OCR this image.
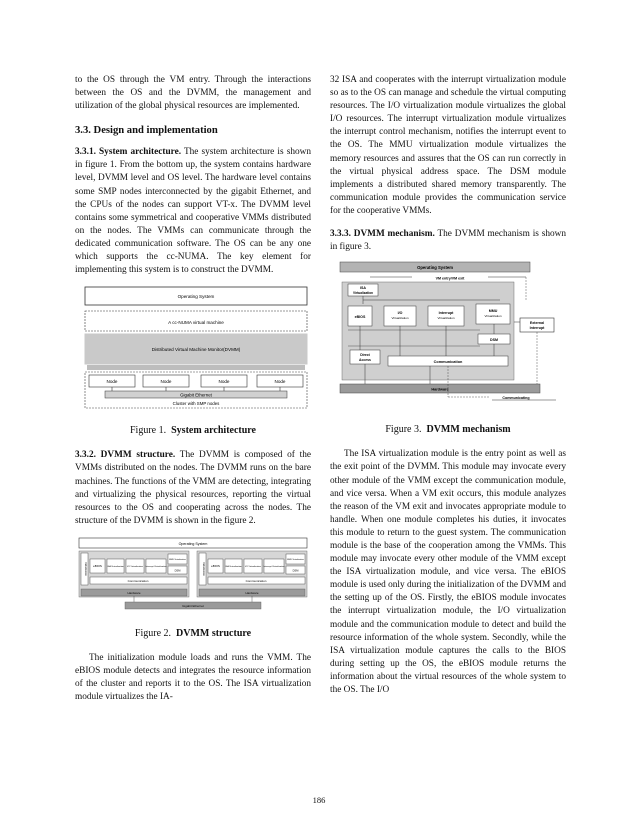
to the OS through the VM entry. Through the interactions between the OS and the DVMM, the management and utilization of the global physical resources are implemented.

3.3. Design and implementation

3.3.1. System architecture. The system architecture is shown in figure 1. From the bottom up, the system contains hardware level, DVMM level and OS level. The hardware level contains some SMP nodes interconnected by the gigabit Ethernet, and the CPUs of the nodes can support VT-x. The DVMM level contains some symmetrical and cooperative VMMs distributed on the nodes. The VMMs can communicate through the dedicated communication software. The OS can be any one which supports the cc-NUMA. The key element for implementing this system is to construct the DVMM.

Operating System
A cc-NUMA virtual machine
Distributed Virtual Machine Monitor(DVMM)
Node	Node	Node	Node
Gigabit Ethernet
Cluster with SMP nodes

Figure 1. System architecture

3.3.2. DVMM structure. The DVMM is composed of the VMMs distributed on the nodes. The DVMM runs on the bare machines. The functions of the VMM are detecting, integrating and virtualizing the physical resources, reporting the virtual resources to the OS and cooperating across the nodes. The structure of the DVMM is shown in the figure 2.

Operating System
Initialization	eBIOS ISA Virtualization	I/O Virtualization	Interrupt Virtualization
MMU Virtualization
DSM
Communication
Hardware
Initialization	eBIOS ISA Virtualization	I/O Virtualization	Interrupt Virtualization
MMU Virtualization
DSM
Communication
Hardware
Gigabit Ethernet

Figure 2. DVMM structure

The initialization module loads and runs the VMM. The eBIOS module detects and integrates the resource information of the cluster and reports it to the OS. The ISA virtualization module virtualizes the IA-

32 ISA and cooperates with the interrupt virtualization module so as to the OS can manage and schedule the virtual computing resources. The I/O virtualization module virtualizes the global I/O resources. The interrupt virtualization module virtualizes the interrupt control mechanism, notifies the interrupt event to the OS. The MMU virtualization module virtualizes the memory resources and assures that the OS can run correctly in the virtual physical address space. The DSM module implements a distributed shared memory transparently. The communication module provides the communication service for the cooperative VMMs.

3.3.3. DVMM mechanism. The DVMM mechanism is shown in figure 3.

Operating System
VM entry/VM exit
ISA
Virtualization
eBIOS
I/O
Virtualization
Interrupt
Virtualization
MMU
Virtualization
External
Interrupt
DSM
Direct
Access	Communication
Hardware
Communicating

Figure 3. DVMM mechanism

The ISA virtualization module is the entry point as well as the exit point of the DVMM. This module may invocate every other module of the VMM except the communication module, and vice versa. When a VM exit occurs, this module analyzes the reason of the VM exit and invocates appropriate module to handle. When one module completes his duties, it invocates this module to return to the guest system. The communication module is the base of the cooperation among the VMMs. This module may invocate every other module of the VMM except the ISA virtualization module, and vice versa. The eBIOS module is used only during the initialization of the DVMM and the setting up of the OS. Firstly, the eBIOS module invocates the interrupt virtualization module, the I/O virtualization module and the communication module to detect and build the resource information of the whole system. Secondly, while the ISA virtualization module captures the calls to the BIOS during setting up the OS, the eBIOS module returns the information about the virtual resources of the whole system to the OS. The I/O

186
